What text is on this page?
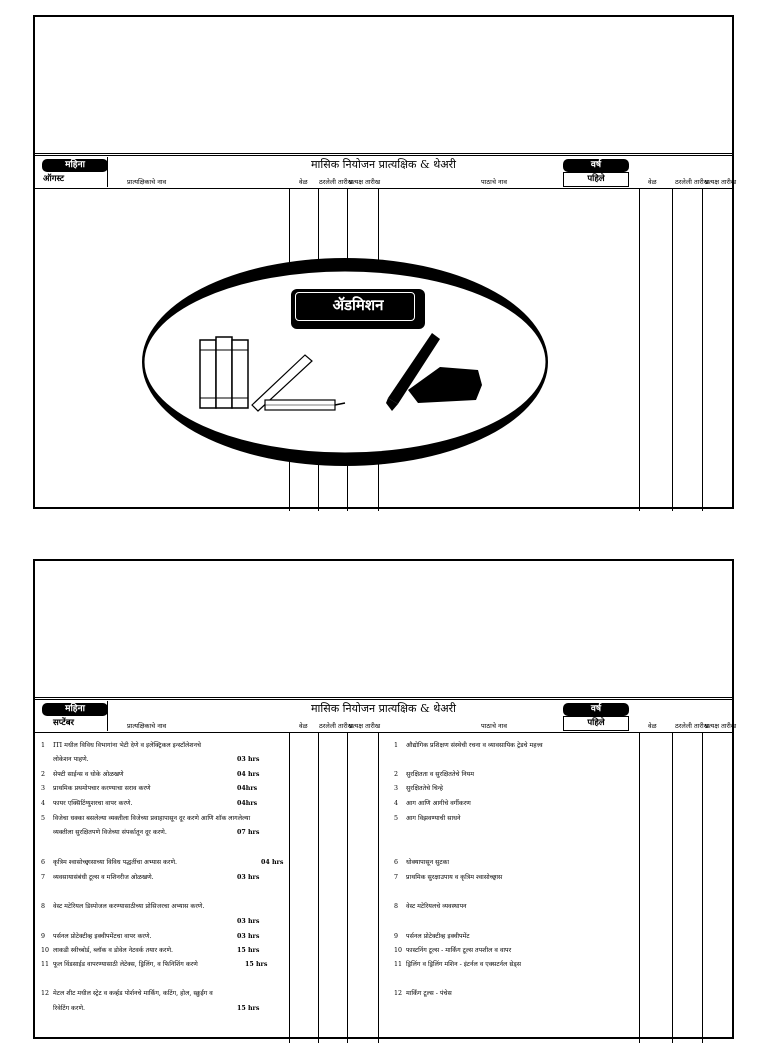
महिना
ऑगस्ट
मासिक नियोजन प्रात्यक्षिक & थेअरी	वर्ष
पहिले
प्रात्यक्षिकाचे नाव	वेळ ठरलेली तारीख
प्रत्यक्ष तारीख	पाठाचे नाव	वेळ	ठरलेली तारीख
प्रत्यक्ष तारीख
ॲडमिशन
महिना
सप्टेंबर
मासिक नियोजन प्रात्यक्षिक & थेअरी	वर्ष
पहिले
प्रात्यक्षिकाचे नाव	वेळ ठरलेली तारीख
प्रत्यक्ष तारीख	पाठाचे नाव	वेळ	ठरलेली तारीख
प्रत्यक्ष तारीख
1 ITI मधील विविध विभागांना भेटी देणे व इलेक्ट्रिकल इन्स्टॉलेशनचे
लोकेशन पाहणे.	03 hrs
2 सेफ्टी साईन्स व धोके ओळखणे	04 hrs
3 प्राथमिक प्रथमोपचार करण्याचा सराव करणे	04hrs
4 फायर एक्सिटिंग्युशरचा वापर करणे.	04hrs
5 विजेचा धक्का बसलेल्या व्यक्तीला विजेच्या प्रवाहापासून दूर करणे आणि शॉक लागलेल्या
व्यक्तीला सुरक्षितपणे विजेच्या संपर्कातून दूर करणे.	07 hrs
6 कृत्रिम श्वासोच्छ्वासाच्या विविध पद्धतींचा अभ्यास करणे.	04 hrs
7 व्यवसायासंबंधी टूल्स व मशिनरीज ओळखणे.	03 hrs
8 वेस्ट मटेरियल डिस्पोजल करण्यासाठीच्या प्रोसिजरचा अभ्यास करणे.
03 hrs
9 पर्सनल प्रोटेक्टीव्ह इक्वीपमेंटचा वापर करणे.	03 hrs
10 लाकडी स्वीच्बोर्ड, ब्लॉक व डोवेल नेटवर्क तयार करणे.	15 hrs
11 फूल विंडसाईड वापरण्यासाठी लेटेक्स, ड्रिलिंग, व फिनिशिंग करणे	15 hrs
12 मेटल शीट मधील स्ट्रेट व कर्व्हड पोर्शनचे मार्किंग, कटिंग, होल, स्क्रुईंग व
रिवेटिंग करणे.	15 hrs
1 औद्योगिक प्रशिक्षण संस्थेची रचना व व्यावसायिक ट्रेडचे महत्त्व
2 सुरक्षितता व सुरक्षिततेचे नियम
3 सुरक्षिततेचे चिन्हे
4 आग आणि आगीचे वर्गीकरण
5 आग विझवण्याची साधने
6 धोक्यापासून सुटका
7 प्राथमिक सुरक्षाउपाय व कृत्रिम श्वासोच्छ्वास
8 वेस्ट मटेरियलचे व्यवस्थापन
9 पर्सनल प्रोटेक्टीव्ह इक्वीपमेंट
10 फास्टनिंग टूल्स - मार्किंग टूल्स तपशील व वापर
11 ड्रिलिंग व ड्रिलिंग मशिन - इंटर्नल व एक्सटर्नल थ्रेड्स
12 मार्किंग टूल्स - पंचेस
